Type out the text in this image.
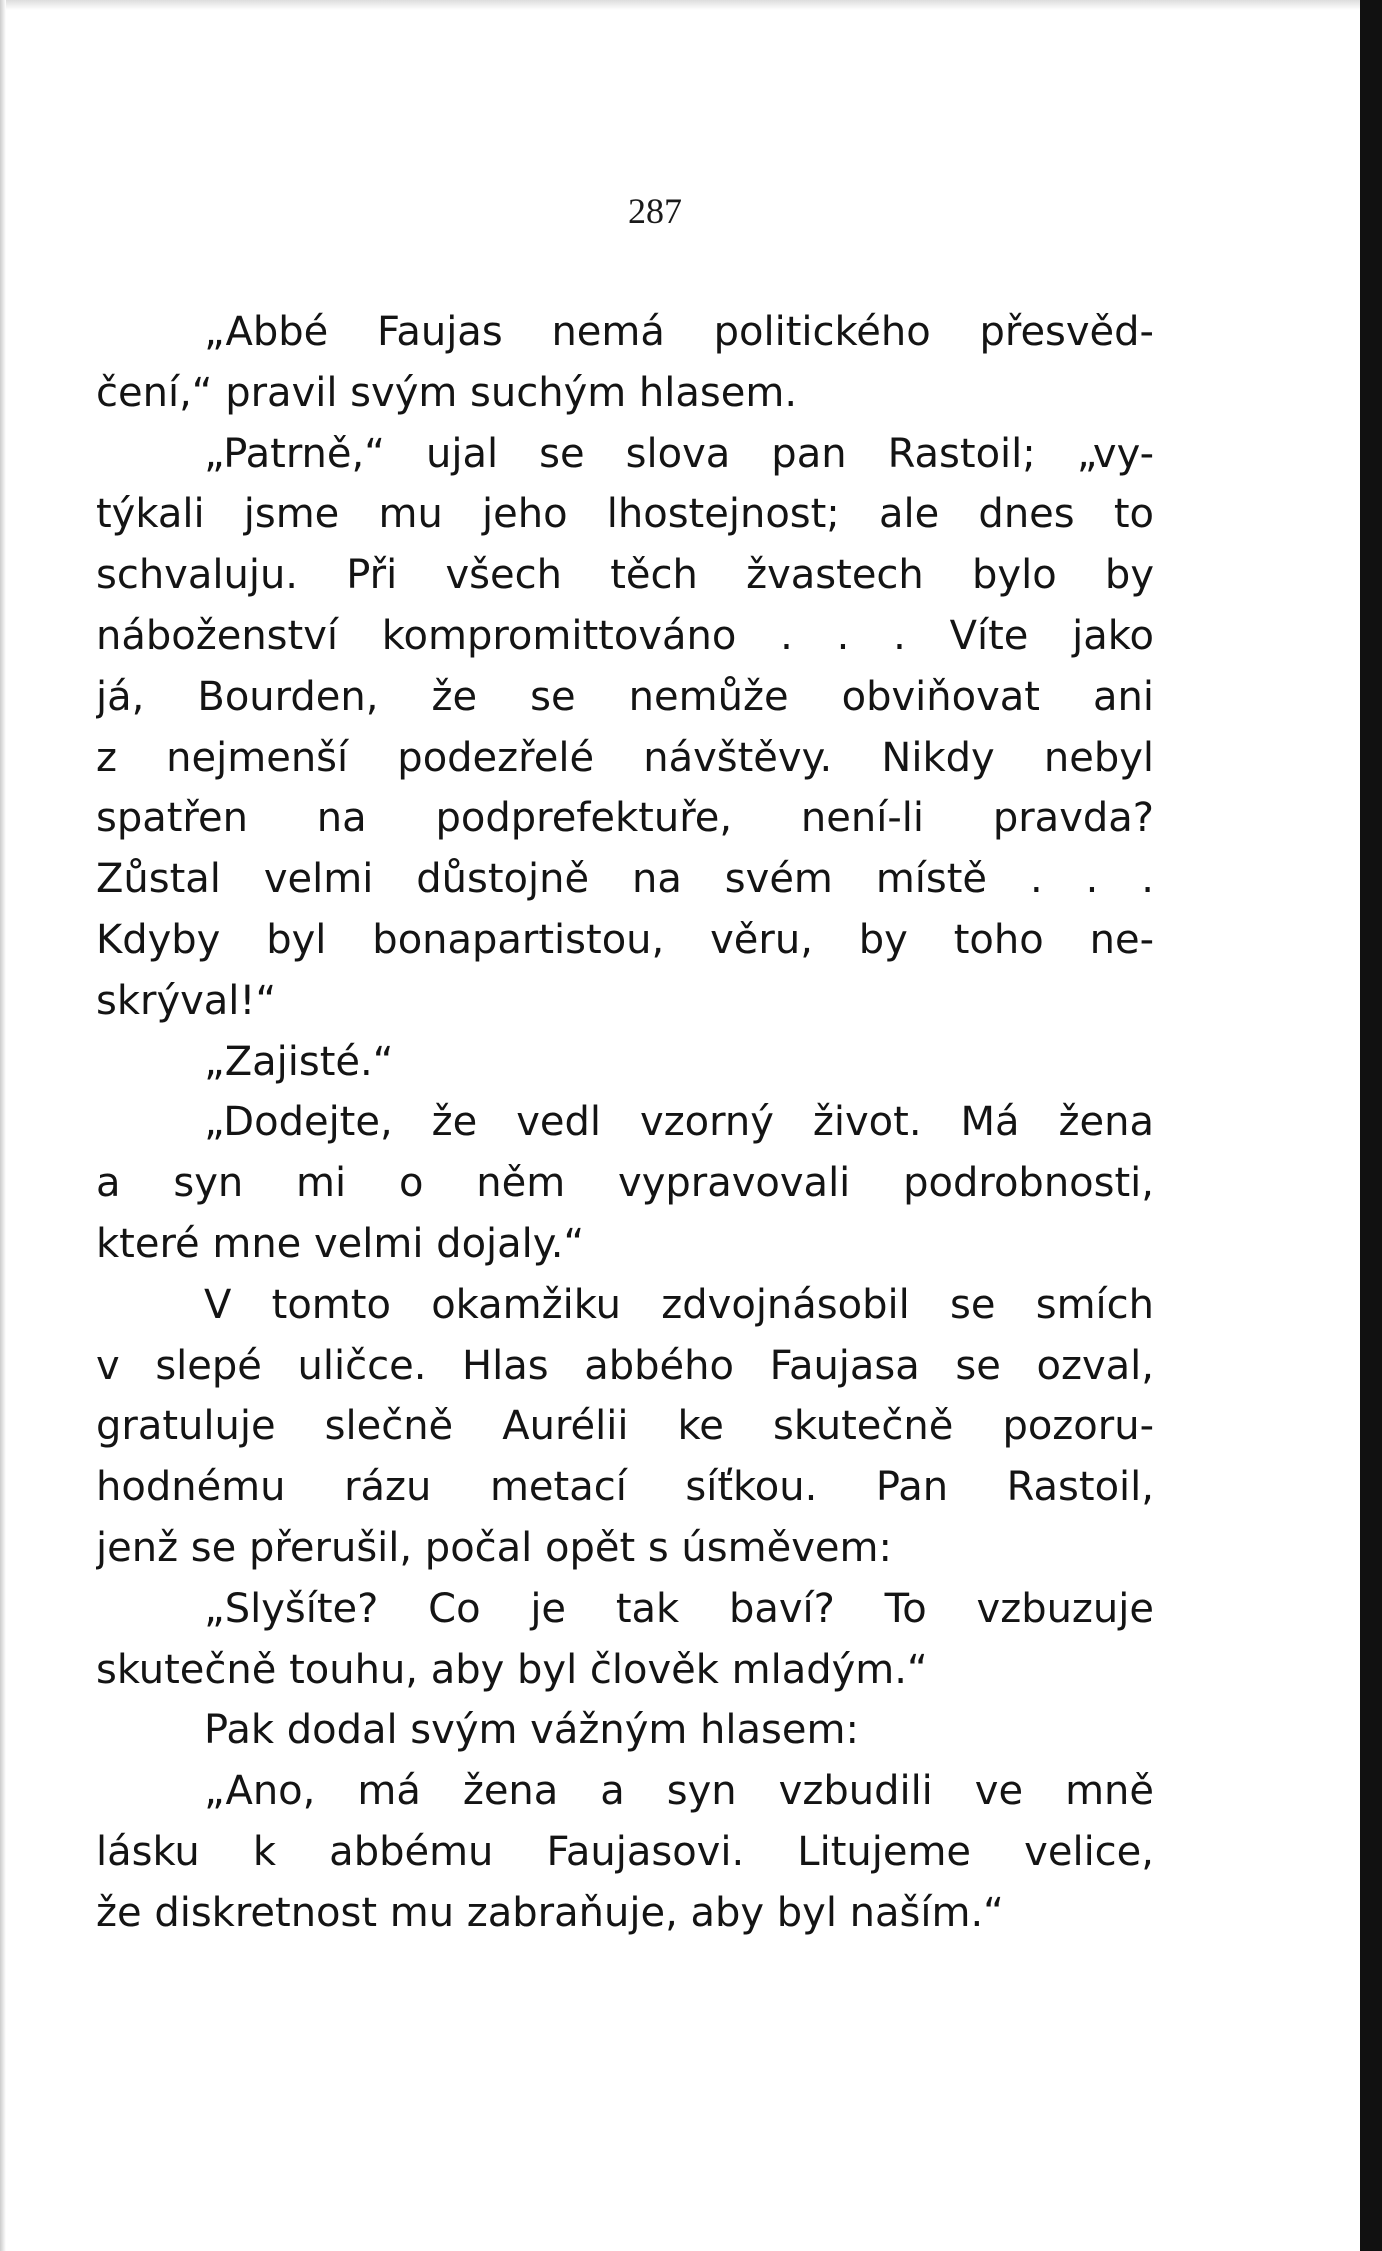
287
„Abbé Faujas nemá politického přesvěd-
čení,“ pravil svým suchým hlasem.
„Patrně,“ ujal se slova pan Rastoil; „vy-
týkali jsme mu jeho lhostejnost; ale dnes to
schvaluju. Při všech těch žvastech bylo by
náboženství kompromittováno . . . Víte jako
já, Bourden, že se nemůže obviňovat ani
z nejmenší podezřelé návštěvy. Nikdy nebyl
spatřen na podprefektuře, není-li pravda?
Zůstal velmi důstojně na svém místě . . .
Kdyby byl bonapartistou, věru, by toho ne-
skrýval!“
„Zajisté.“
„Dodejte, že vedl vzorný život. Má žena
a syn mi o něm vypravovali podrobnosti,
které mne velmi dojaly.“
V tomto okamžiku zdvojnásobil se smích
v slepé uličce. Hlas abbého Faujasa se ozval,
gratuluje slečně Aurélii ke skutečně pozoru-
hodnému rázu metací síťkou. Pan Rastoil,
jenž se přerušil, počal opět s úsměvem:
„Slyšíte? Co je tak baví? To vzbuzuje
skutečně touhu, aby byl člověk mladým.“
Pak dodal svým vážným hlasem:
„Ano, má žena a syn vzbudili ve mně
lásku k abbému Faujasovi. Litujeme velice,
že diskretnost mu zabraňuje, aby byl naším.“
